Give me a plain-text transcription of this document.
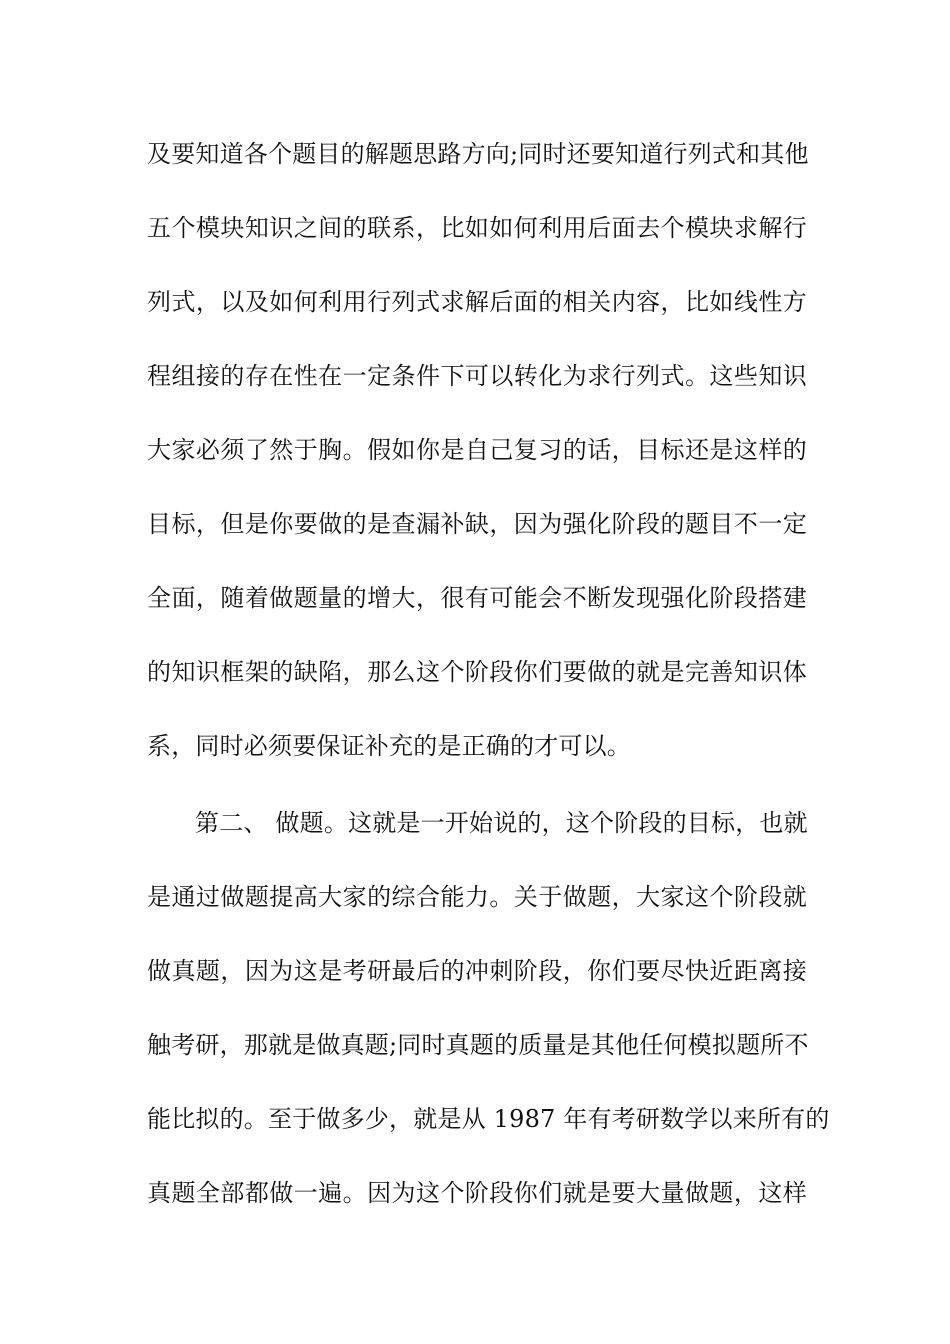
及要知道各个题目的解题思路方向;同时还要知道行列式和其他
五个模块知识之间的联系，比如如何利用后面去个模块求解行
列式，以及如何利用行列式求解后面的相关内容，比如线性方
程组接的存在性在一定条件下可以转化为求行列式。这些知识
大家必须了然于胸。假如你是自己复习的话，目标还是这样的
目标，但是你要做的是查漏补缺，因为强化阶段的题目不一定
全面，随着做题量的增大，很有可能会不断发现强化阶段搭建
的知识框架的缺陷，那么这个阶段你们要做的就是完善知识体
系，同时必须要保证补充的是正确的才可以。
第二、 做题。这就是一开始说的，这个阶段的目标，也就
是通过做题提高大家的综合能力。关于做题，大家这个阶段就
做真题，因为这是考研最后的冲刺阶段，你们要尽快近距离接
触考研，那就是做真题;同时真题的质量是其他任何模拟题所不
能比拟的。至于做多少，就是从 1987 年有考研数学以来所有的
真题全部都做一遍。因为这个阶段你们就是要大量做题，这样
